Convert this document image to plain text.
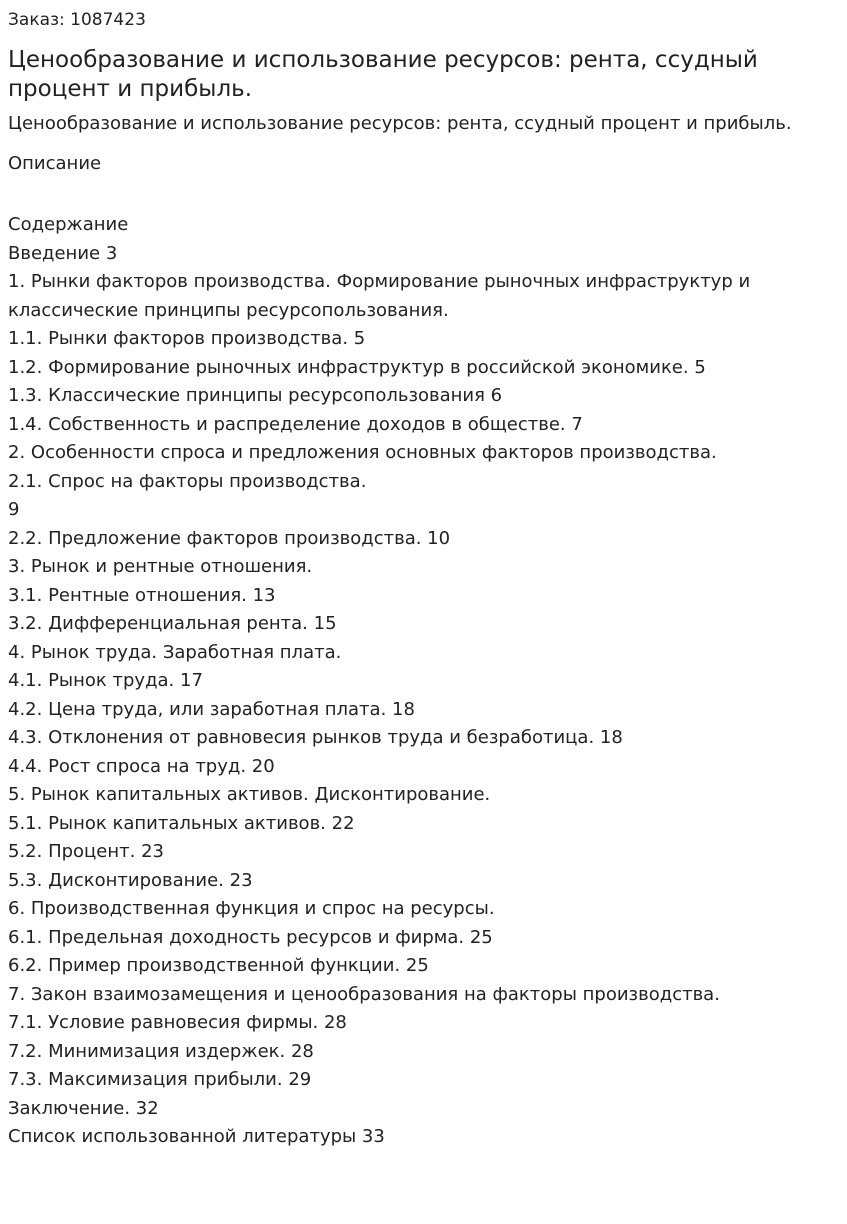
Заказ: 1087423
Ценообразование и использование ресурсов: рента, ссудный процент и прибыль.
Ценообразование и использование ресурсов: рента, ссудный процент и прибыль.
Описание
Содержание
Введение 3
1. Рынки факторов производства. Формирование рыночных инфраструктур и классические принципы ресурсопользования.
1.1. Рынки факторов производства. 5
1.2. Формирование рыночных инфраструктур в российской экономике. 5
1.3. Классические принципы ресурсопользования 6
1.4. Собственность и распределение доходов в обществе. 7
2. Особенности спроса и предложения основных факторов производства.
2.1. Спрос на факторы производства.
9
2.2. Предложение факторов производства. 10
3. Рынок и рентные отношения.
3.1. Рентные отношения. 13
3.2. Дифференциальная рента. 15
4. Рынок труда. Заработная плата.
4.1. Рынок труда. 17
4.2. Цена труда, или заработная плата. 18
4.3. Отклонения от равновесия рынков труда и безработица. 18
4.4. Рост спроса на труд. 20
5. Рынок капитальных активов. Дисконтирование.
5.1. Рынок капитальных активов. 22
5.2. Процент. 23
5.3. Дисконтирование. 23
6. Производственная функция и спрос на ресурсы.
6.1. Предельная доходность ресурсов и фирма. 25
6.2. Пример производственной функции. 25
7. Закон взаимозамещения и ценообразования на факторы производства.
7.1. Условие равновесия фирмы. 28
7.2. Минимизация издержек. 28
7.3. Максимизация прибыли. 29
Заключение. 32
Список использованной литературы 33
